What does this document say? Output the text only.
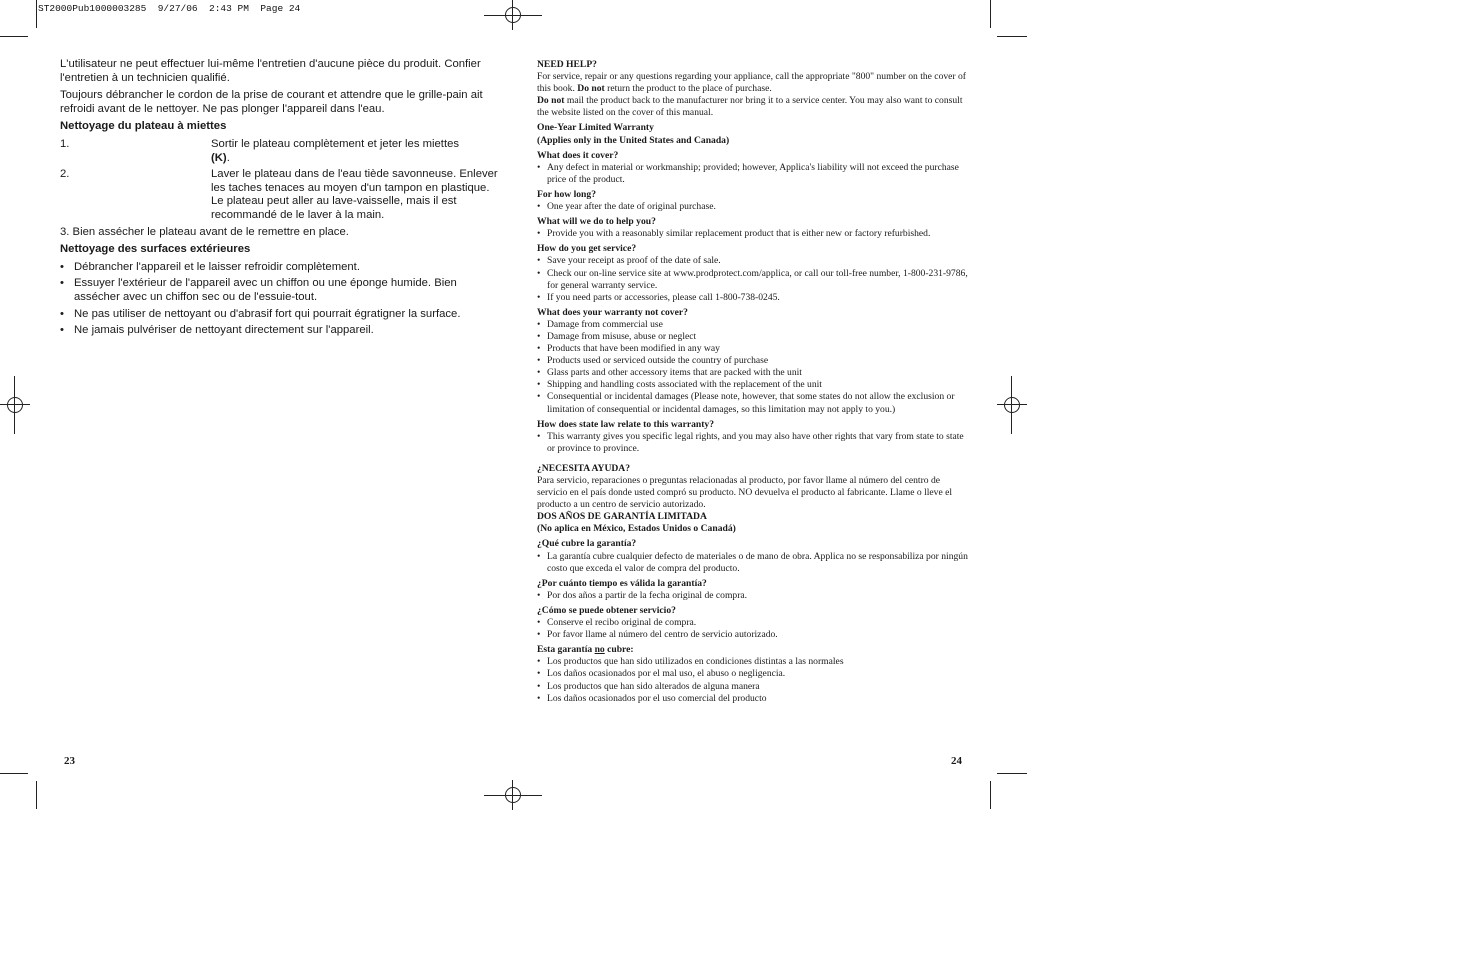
ST2000Pub1000003285  9/27/06  2:43 PM  Page 24

L'utilisateur ne peut effectuer lui-même l'entretien d'aucune pièce du produit. Confier l'entretien à un technicien qualifié.

Toujours débrancher le cordon de la prise de courant et attendre que le grille-pain ait refroidi avant de le nettoyer. Ne pas plonger l'appareil dans l'eau.

Nettoyage du plateau à miettes
1.	Sortir le plateau complètement et jeter les miettes
(K).
2.	Laver le plateau dans de l'eau tiède savonneuse. Enlever les taches tenaces au moyen d'un tampon en plastique. Le plateau peut aller au lave-vaisselle, mais il est recommandé de le laver à la main.

3. Bien assécher le plateau avant de le remettre en place.

Nettoyage des surfaces extérieures
• Débrancher l'appareil et le laisser refroidir complètement.
• Essuyer l'extérieur de l'appareil avec un chiffon ou une éponge humide. Bien assécher avec un chiffon sec ou de l'essuie-tout.
• Ne pas utiliser de nettoyant ou d'abrasif fort qui pourrait égratigner la surface.
• Ne jamais pulvériser de nettoyant directement sur l'appareil.
23
NEED HELP?

For service, repair or any questions regarding your appliance, call the appropriate "800" number on the cover of this book. Do not return the product to the place of purchase.
Do not mail the product back to the manufacturer nor bring it to a service center. You may also want to consult the website listed on the cover of this manual.

One-Year Limited Warranty
(Applies only in the United States and Canada)
What does it cover?
• Any defect in material or workmanship; provided; however, Applica's liability will not exceed the purchase price of the product.
For how long?
• One year after the date of original purchase.
What will we do to help you?
• Provide you with a reasonably similar replacement product that is either new or factory refurbished.
How do you get service?
• Save your receipt as proof of the date of sale.
• Check our on-line service site at www.prodprotect.com/applica, or call our toll-free number, 1-800-231-9786, for general warranty service.
• If you need parts or accessories, please call 1-800-738-0245.
What does your warranty not cover?
• Damage from commercial use
• Damage from misuse, abuse or neglect
• Products that have been modified in any way
• Products used or serviced outside the country of purchase
• Glass parts and other accessory items that are packed with the unit
• Shipping and handling costs associated with the replacement of the unit
• Consequential or incidental damages (Please note, however, that some states do not allow the exclusion or limitation of consequential or incidental damages, so this limitation may not apply to you.)
How does state law relate to this warranty?
• This warranty gives you specific legal rights, and you may also have other rights that vary from state to state or province to province.
¿NECESITA AYUDA?

Para servicio, reparaciones o preguntas relacionadas al producto, por favor llame al número del centro de servicio en el país donde usted compró su producto. NO devuelva el producto al fabricante. Llame o lleve el producto a un centro de servicio autorizado.

DOS AÑOS DE GARANTÍA LIMITADA
(No aplica en México, Estados Unidos o Canadá)
¿Qué cubre la garantía?
• La garantía cubre cualquier defecto de materiales o de mano de obra. Applica no se responsabiliza por ningún costo que exceda el valor de compra del producto.
¿Por cuánto tiempo es válida la garantía?
• Por dos años a partir de la fecha original de compra.
¿Cómo se puede obtener servicio?
• Conserve el recibo original de compra.
• Por favor llame al número del centro de servicio autorizado.
Esta garantía no cubre:
• Los productos que han sido utilizados en condiciones distintas a las normales
• Los daños ocasionados por el mal uso, el abuso o negligencia.
• Los productos que han sido alterados de alguna manera
• Los daños ocasionados por el uso comercial del producto
24
